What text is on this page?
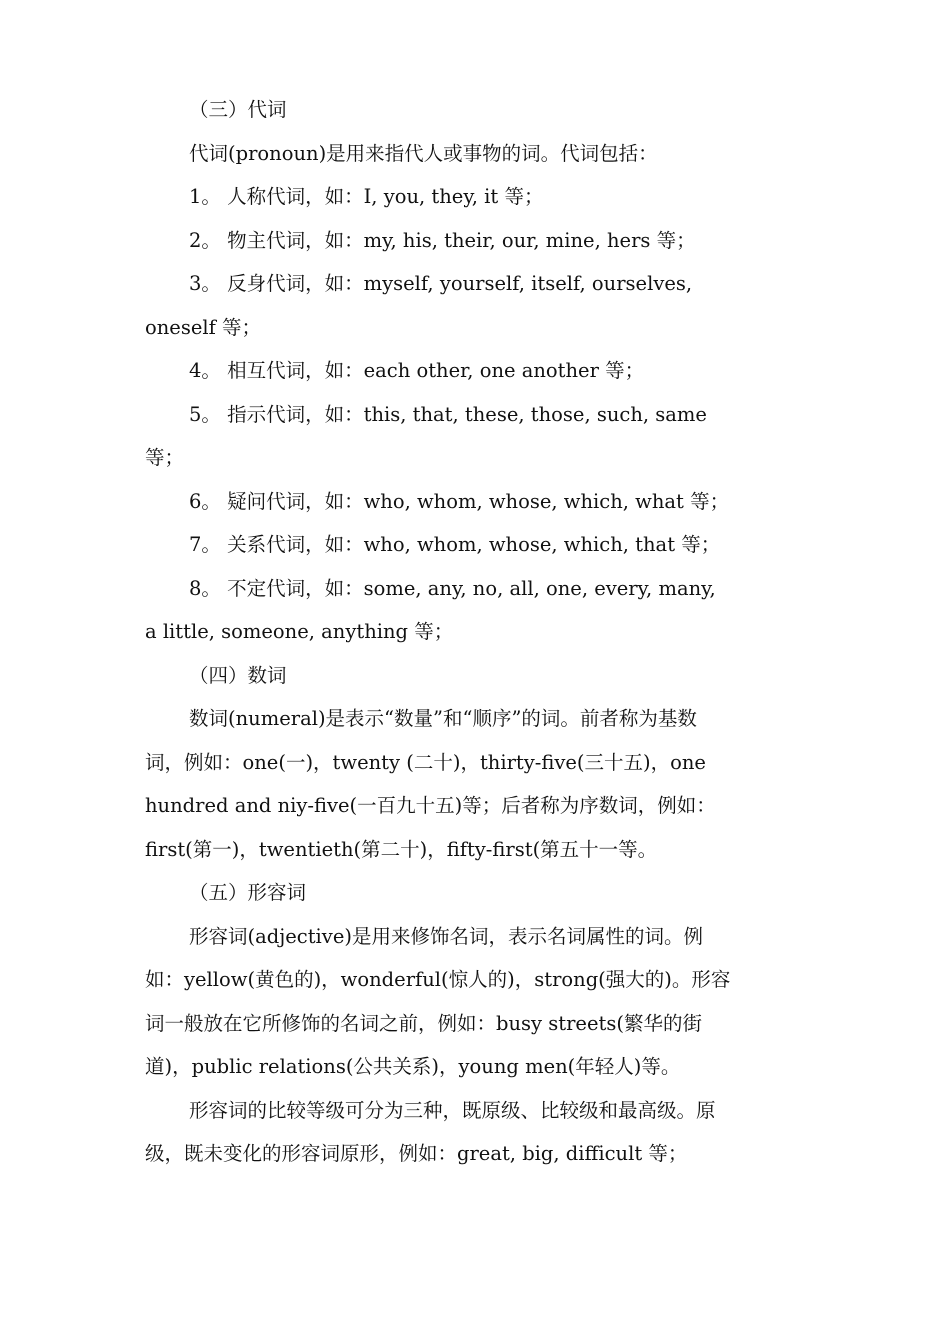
（三）代词
代词(pronoun)是用来指代人或事物的词。代词包括：
1。 人称代词，如：I, you, they, it 等；
2。 物主代词，如：my, his, their, our, mine, hers 等；
3。 反身代词，如：myself, yourself, itself, ourselves,
oneself 等；
4。 相互代词，如：each other, one another 等；
5。 指示代词，如：this, that, these, those, such, same
等；
6。 疑问代词，如：who, whom, whose, which, what 等；
7。 关系代词，如：who, whom, whose, which, that 等；
8。 不定代词，如：some, any, no, all, one, every, many,
a little, someone, anything 等；
（四）数词
数词(numeral)是表示“数量”和“顺序”的词。前者称为基数
词，例如：one(一)，twenty (二十)，thirty-five(三十五)，one
hundred and niy-five(一百九十五)等；后者称为序数词，例如：
first(第一)，twentieth(第二十)，fifty-first(第五十一等。
（五）形容词
形容词(adjective)是用来修饰名词，表示名词属性的词。例
如：yellow(黄色的)，wonderful(惊人的)，strong(强大的)。形容
词一般放在它所修饰的名词之前，例如：busy streets(繁华的街
道)，public relations(公共关系)，young men(年轻人)等。
形容词的比较等级可分为三种，既原级、比较级和最高级。原
级，既未变化的形容词原形，例如：great, big, difficult 等；
